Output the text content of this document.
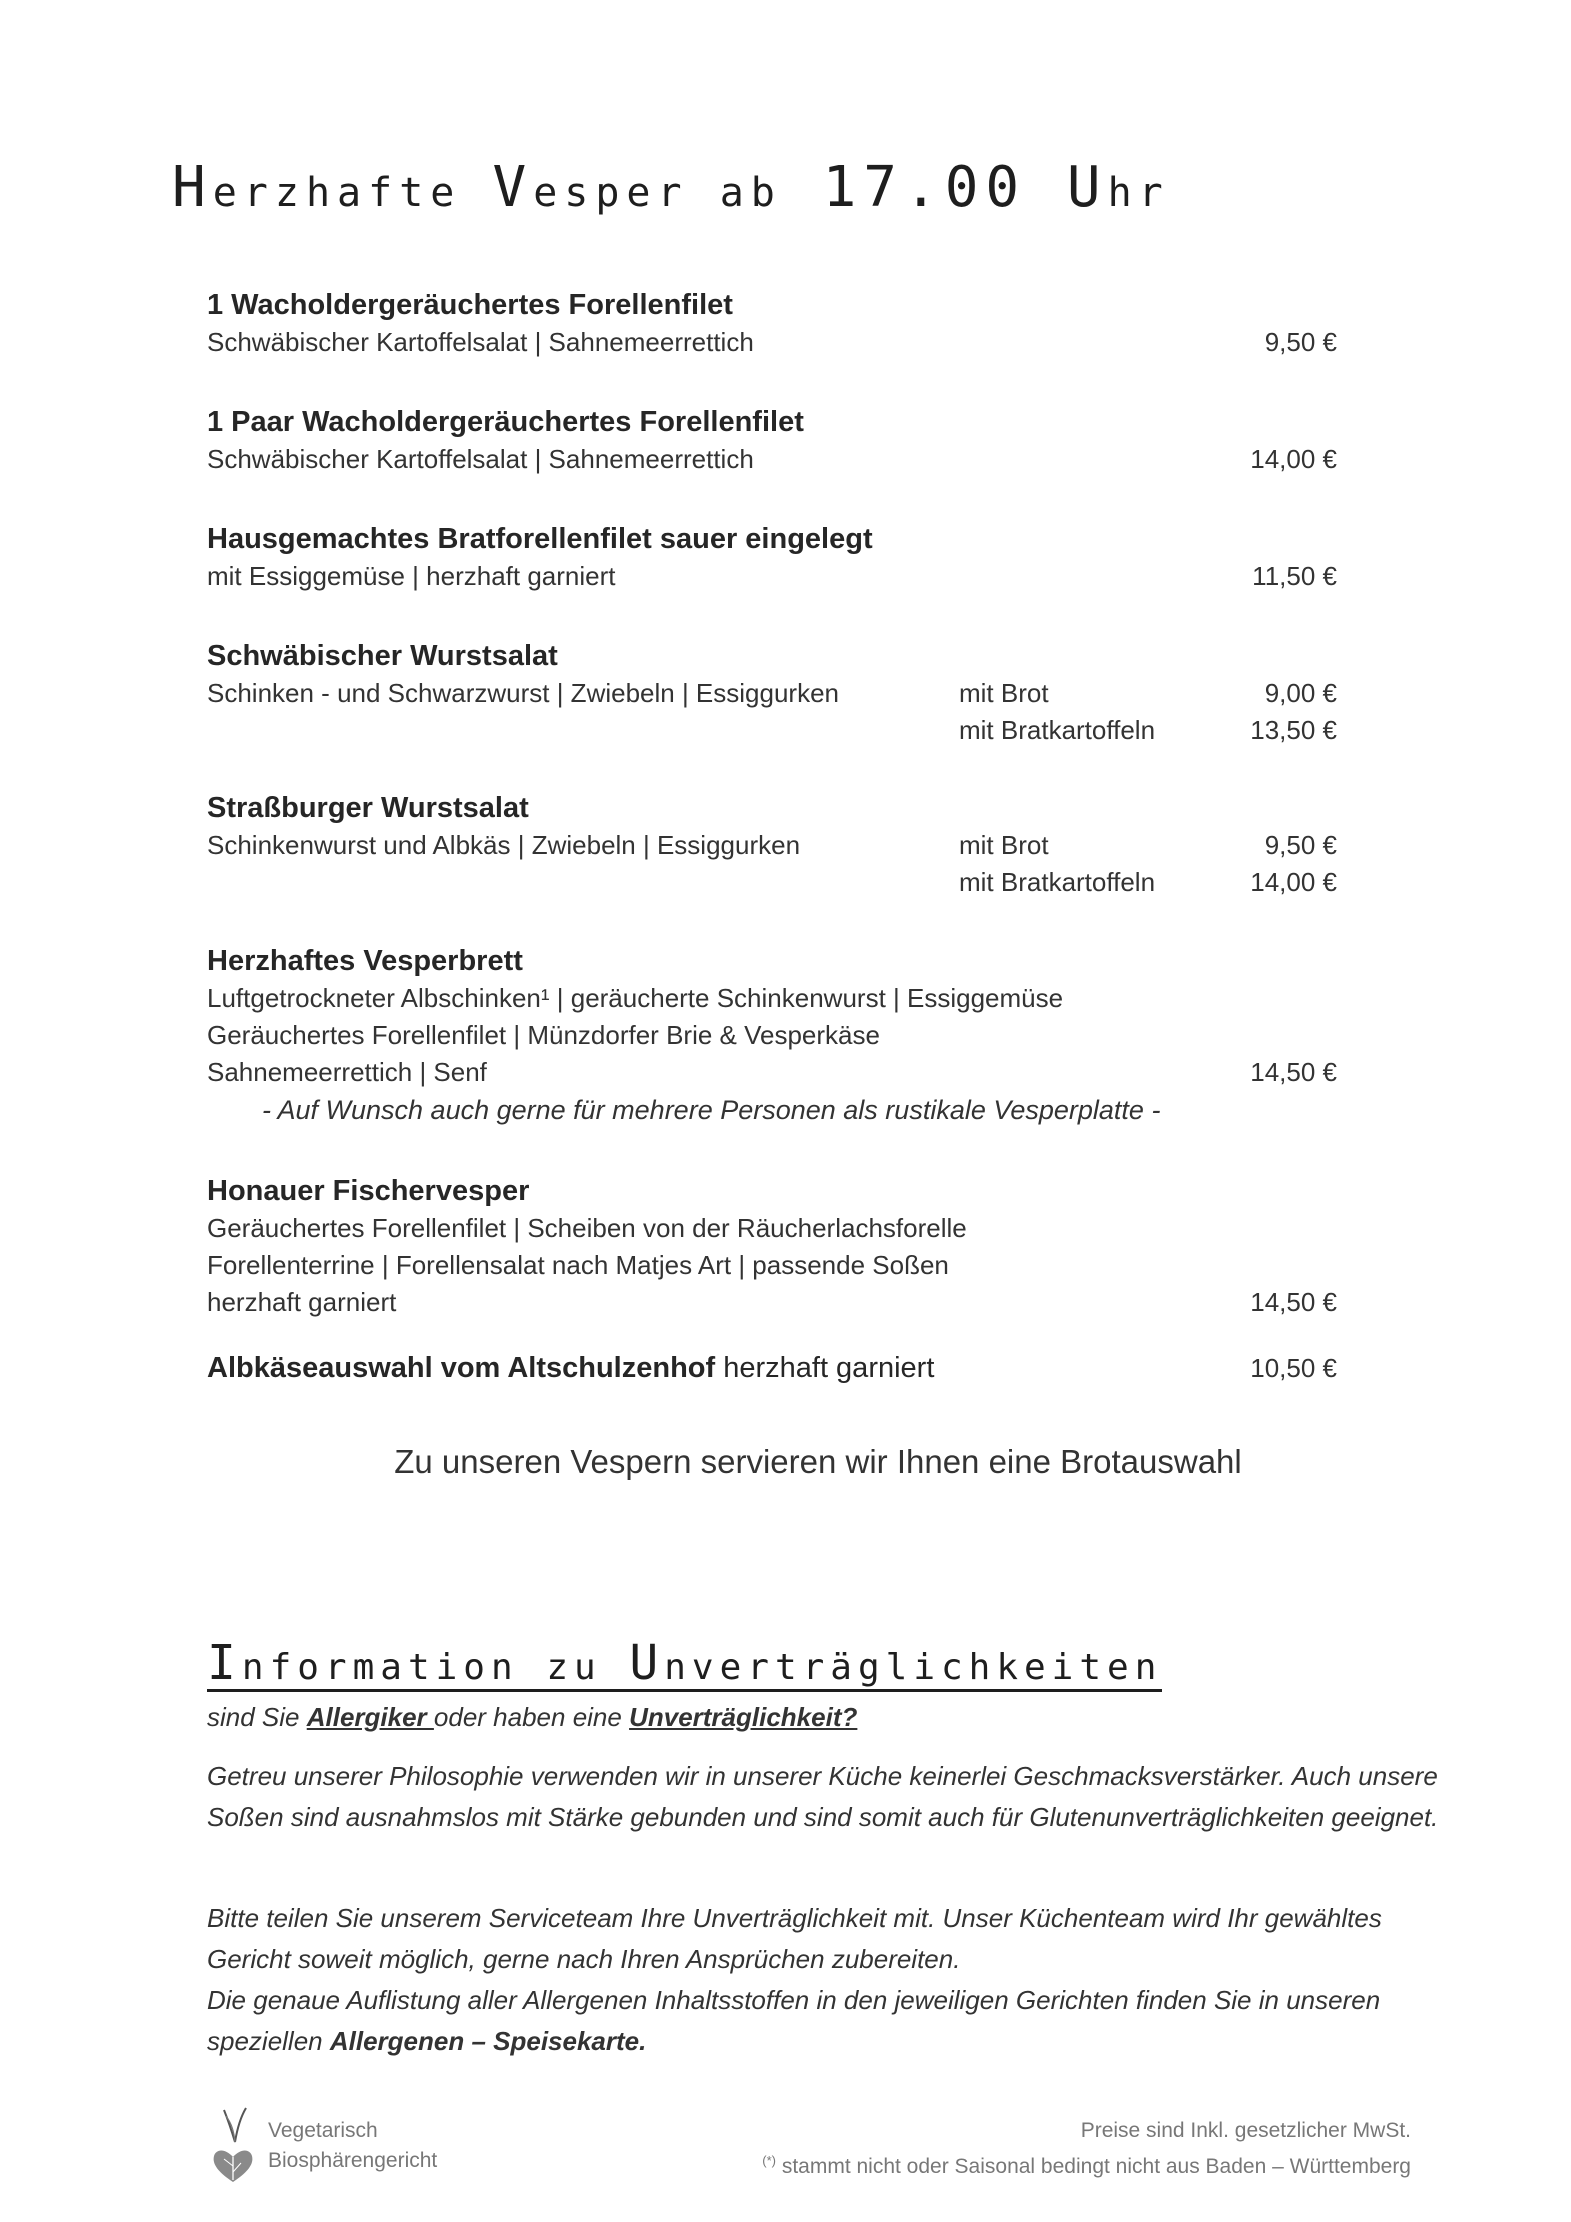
Herzhafte Vesper ab 17.00 Uhr
1 Wacholdergeräuchertes Forellenfilet
Schwäbischer Kartoffelsalat | Sahnemeerrettich	9,50 €
1 Paar Wacholdergeräuchertes Forellenfilet
Schwäbischer Kartoffelsalat | Sahnemeerrettich	14,00 €
Hausgemachtes Bratforellenfilet sauer eingelegt
mit Essiggemüse | herzhaft garniert	11,50 €
Schwäbischer Wurstsalat
Schinken - und Schwarzwurst | Zwiebeln | Essiggurken	mit Brot	9,00 €
mit Bratkartoffeln	13,50 €
Straßburger Wurstsalat
Schinkenwurst und Albkäs | Zwiebeln | Essiggurken	mit Brot	9,50 €
mit Bratkartoffeln	14,00 €
Herzhaftes Vesperbrett
Luftgetrockneter Albschinken¹ | geräucherte Schinkenwurst | Essiggemüse
Geräuchertes Forellenfilet | Münzdorfer Brie & Vesperkäse
Sahnemeerrettich | Senf	14,50 €
- Auf Wunsch auch gerne für mehrere Personen als rustikale Vesperplatte -
Honauer Fischervesper
Geräuchertes Forellenfilet | Scheiben von der Räucherlachsforelle
Forellenterrine | Forellensalat nach Matjes Art | passende Soßen
herzhaft garniert	14,50 €
Albkäseauswahl vom Altschulzenhof herzhaft garniert	10,50 €
Zu unseren Vespern servieren wir Ihnen eine Brotauswahl
Information zu Unverträglichkeiten
sind Sie Allergiker oder haben eine Unverträglichkeit?
Getreu unserer Philosophie verwenden wir in unserer Küche keinerlei Geschmacksverstärker. Auch unsere Soßen sind ausnahmslos mit Stärke gebunden und sind somit auch für Glutenunverträglichkeiten geeignet.
Bitte teilen Sie unserem Serviceteam Ihre Unverträglichkeit mit. Unser Küchenteam wird Ihr gewähltes Gericht soweit möglich, gerne nach Ihren Ansprüchen zubereiten.
Die genaue Auflistung aller Allergenen Inhaltsstoffen in den jeweiligen Gerichten finden Sie in unseren speziellen Allergenen – Speisekarte.
Vegetarisch
Biosphärengericht
Preise sind Inkl. gesetzlicher MwSt.
(*) stammt nicht oder Saisonal bedingt nicht aus Baden – Württemberg
